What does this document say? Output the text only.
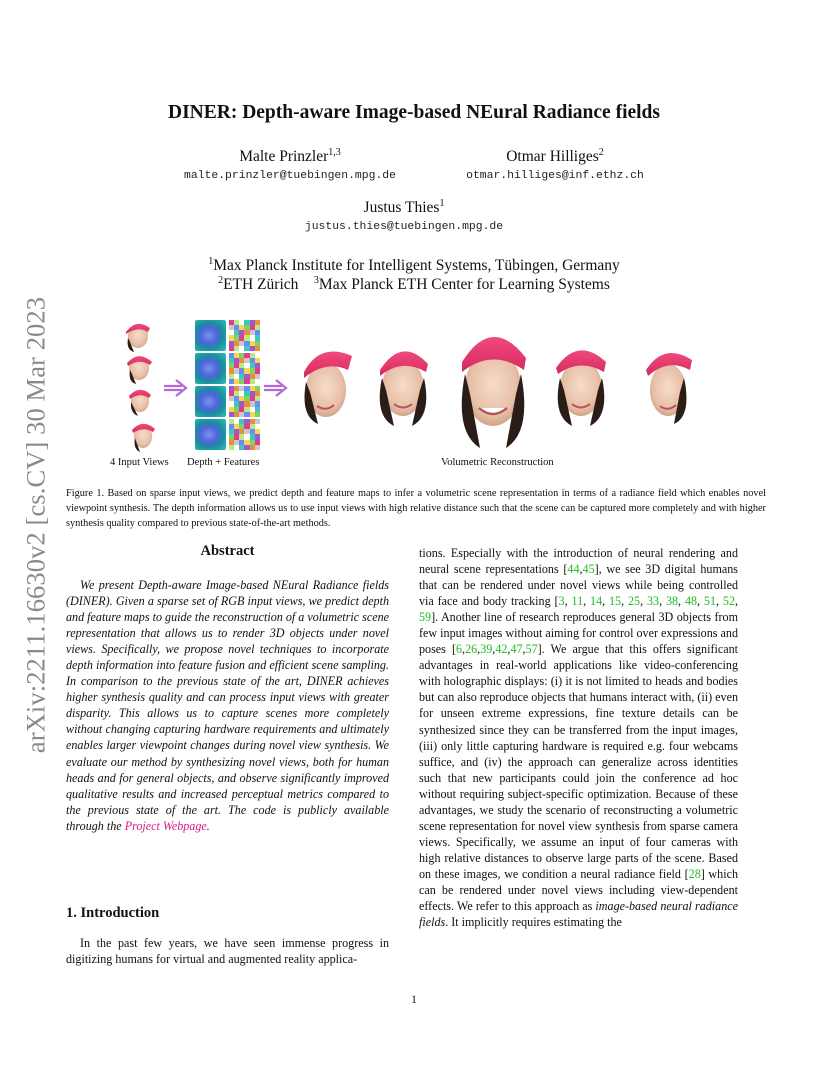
arXiv:2211.16630v2 [cs.CV] 30 Mar 2023
DINER: Depth-aware Image-based NEural Radiance fields
Malte Prinzler$^{1,3}$
malte.prinzler@tuebingen.mpg.de
Otmar Hilliges$^2$
otmar.hilliges@inf.ethz.ch
Justus Thies$^1$
justus.thies@tuebingen.mpg.de
$^1$Max Planck Institute for Intelligent Systems, Tübingen, Germany
$^2$ETH Zürich $^3$Max Planck ETH Center for Learning Systems
4 Input Views Depth + Features	Volumetric Reconstruction
Figure 1. Based on sparse input views, we predict depth and feature maps to infer a volumetric scene representation in terms of a radiance field which enables novel viewpoint synthesis. The depth information allows us to use input views with high relative distance such that the scene can be captured more completely and with higher synthesis quality compared to previous state-of-the-art methods.
Abstract
We present Depth-aware Image-based NEural Radiance fields (DINER). Given a sparse set of RGB input views, we predict depth and feature maps to guide the reconstruction of a volumetric scene representation that allows us to render 3D objects under novel views. Specifically, we propose novel techniques to incorporate depth information into feature fusion and efficient scene sampling. In comparison to the previous state of the art, DINER achieves higher synthesis quality and can process input views with greater disparity. This allows us to capture scenes more completely without changing capturing hardware requirements and ultimately enables larger viewpoint changes during novel view synthesis. We evaluate our method by synthesizing novel views, both for human heads and for general objects, and observe significantly improved qualitative results and increased perceptual metrics compared to the previous state of the art. The code is publicly available through the Project Webpage.
1. Introduction
In the past few years, we have seen immense progress in digitizing humans for virtual and augmented reality applica-
tions. Especially with the introduction of neural rendering and neural scene representations [44,45], we see 3D digital humans that can be rendered under novel views while being controlled via face and body tracking [3, 11, 14, 15, 25, 33, 38, 48, 51, 52, 59]. Another line of research reproduces general 3D objects from few input images without aiming for control over expressions and poses [6,26,39,42,47,57]. We argue that this offers significant advantages in real-world applications like video-conferencing with holographic displays: (i) it is not limited to heads and bodies but can also reproduce objects that humans interact with, (ii) even for unseen extreme expressions, fine texture details can be synthesized since they can be transferred from the input images, (iii) only little capturing hardware is required e.g. four webcams suffice, and (iv) the approach can generalize across identities such that new participants could join the conference ad hoc without requiring subject-specific optimization. Because of these advantages, we study the scenario of reconstructing a volumetric scene representation for novel view synthesis from sparse camera views. Specifically, we assume an input of four cameras with high relative distances to observe large parts of the scene. Based on these images, we condition a neural radiance field [28] which can be rendered under novel views including view-dependent effects. We refer to this approach as image-based neural radiance fields. It implicitly requires estimating the
1
